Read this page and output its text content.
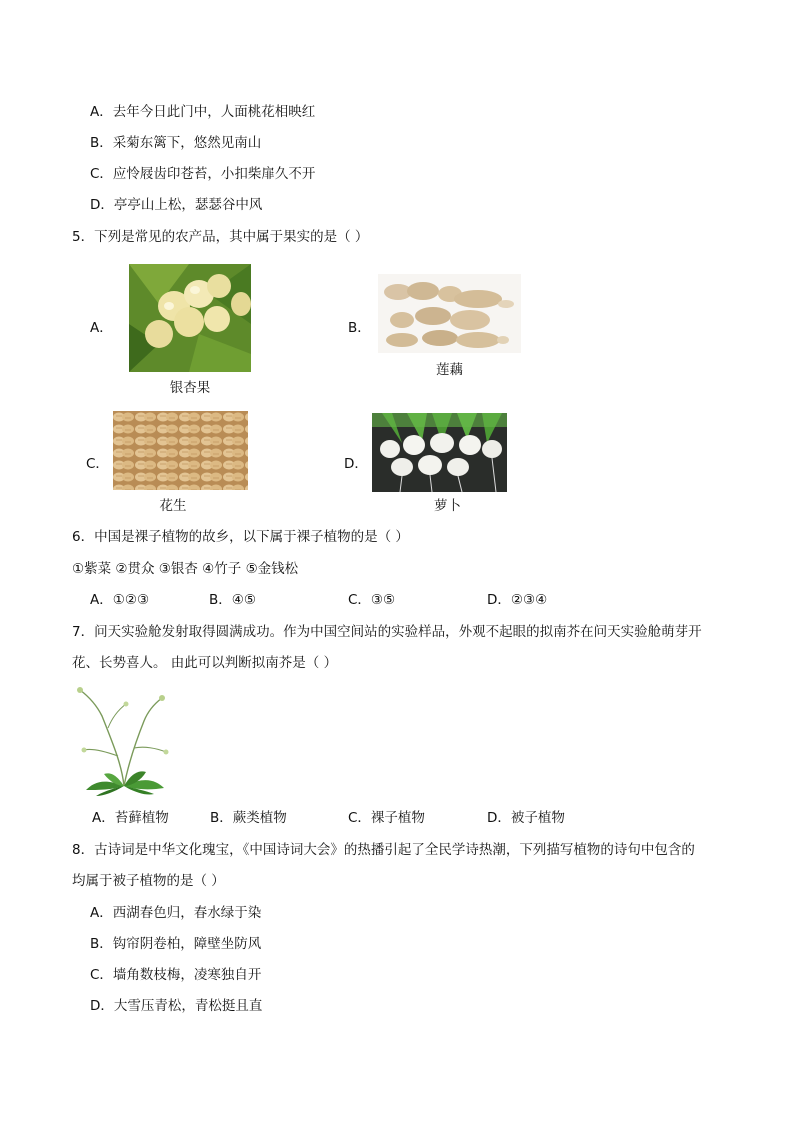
A．去年今日此门中，人面桃花相映红
B．采菊东篱下，悠然见南山
C．应怜屐齿印苍苔，小扣柴扉久不开
D．亭亭山上松，瑟瑟谷中风
5．下列是常见的农产品，其中属于果实的是（ ）
A．
银杏果
B．
莲藕
C．
花生
D．
萝卜
6．中国是裸子植物的故乡，以下属于裸子植物的是（ ）
①紫菜 ②贯众 ③银杏 ④竹子 ⑤金钱松
A．①②③	B．④⑤	C．③⑤	D．②③④
7．问天实验舱发射取得圆满成功。作为中国空间站的实验样品，外观不起眼的拟南芥在问天实验舱萌芽开
花、长势喜人。 由此可以判断拟南芥是（ ）
A．苔藓植物	B．蕨类植物	C．裸子植物	D．被子植物
8．古诗词是中华文化瑰宝，《中国诗词大会》的热播引起了全民学诗热潮，下列描写植物的诗句中包含的
均属于被子植物的是（ ）
A．西湖春色归，春水绿于染
B．钩帘阴卷柏，障壁坐防风
C．墙角数枝梅，凌寒独自开
D．大雪压青松，青松挺且直
